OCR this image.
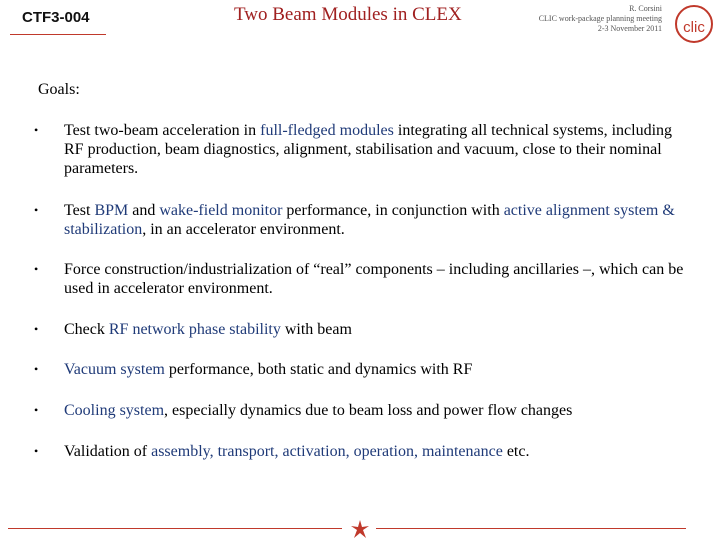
CTF3-004	Two Beam Modules in CLEX	R. Corsini
CLIC work-package planning meeting
2-3 November 2011 clic
Goals:
• Test two-beam acceleration in full-fledged modules integrating all technical systems, including RF production, beam diagnostics, alignment, stabilisation and vacuum, close to their nominal parameters.
• Test BPM and wake-field monitor performance, in conjunction with active alignment system & stabilization, in an accelerator environment.
• Force construction/industrialization of “real” components – including ancillaries –, which can be used in accelerator environment.
• Check RF network phase stability with beam
• Vacuum system performance, both static and dynamics with RF
• Cooling system, especially dynamics due to beam loss and power flow changes
• Validation of assembly, transport, activation, operation, maintenance etc.
